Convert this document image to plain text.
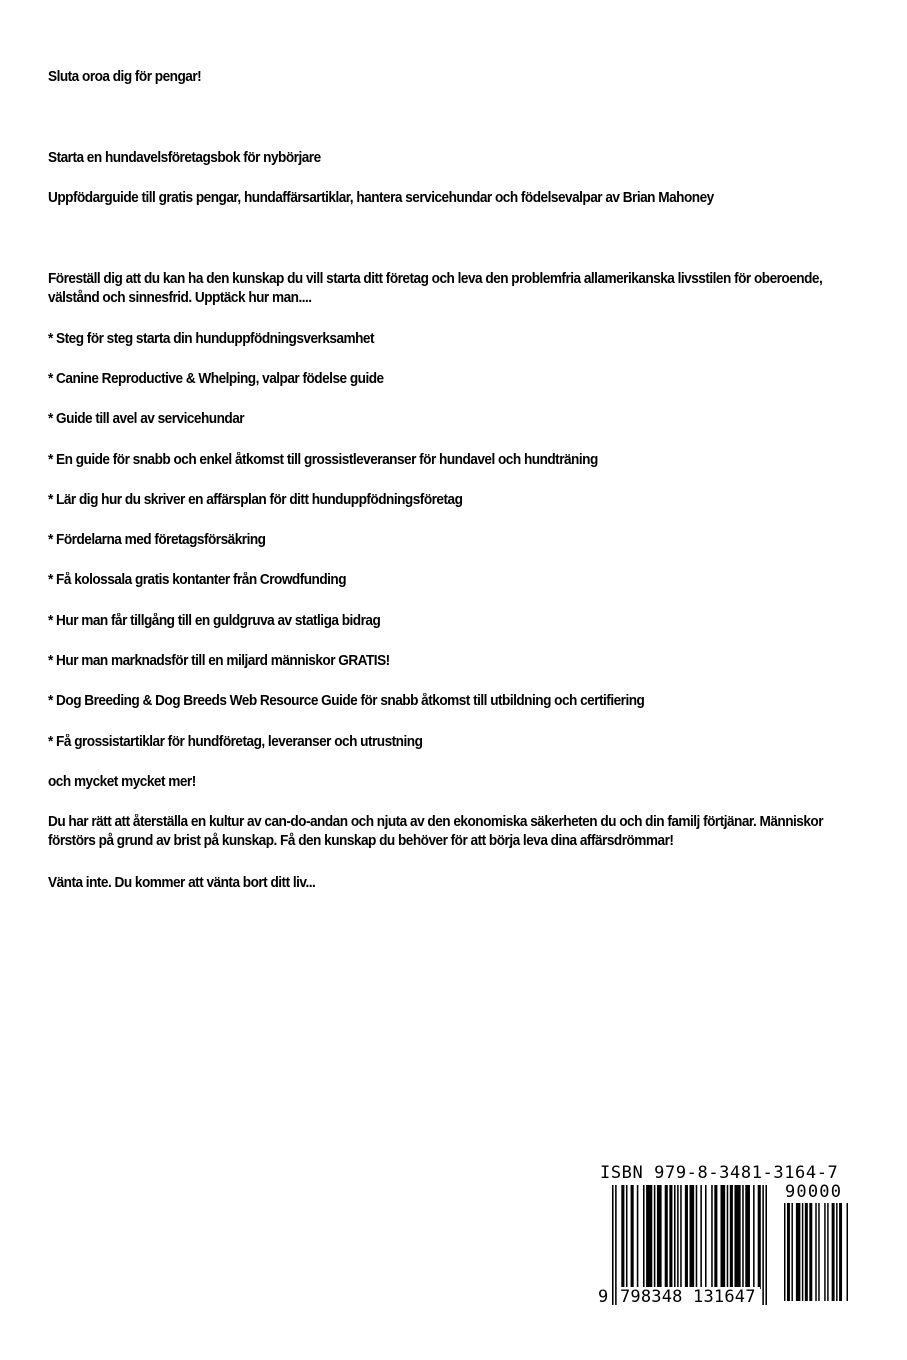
Sluta oroa dig för pengar!
Starta en hundavelsföretagsbok för nybörjare
Uppfödarguide till gratis pengar, hundaffärsartiklar, hantera servicehundar och födelsevalpar av Brian Mahoney
Föreställ dig att du kan ha den kunskap du vill starta ditt företag och leva den problemfria allamerikanska livsstilen för oberoende, välstånd och sinnesfrid. Upptäck hur man....
* Steg för steg starta din hunduppfödningsverksamhet
* Canine Reproductive & Whelping, valpar födelse guide
* Guide till avel av servicehundar
* En guide för snabb och enkel åtkomst till grossistleveranser för hundavel och hundträning
* Lär dig hur du skriver en affärsplan för ditt hunduppfödningsföretag
* Fördelarna med företagsförsäkring
* Få kolossala gratis kontanter från Crowdfunding
* Hur man får tillgång till en guldgruva av statliga bidrag
* Hur man marknadsför till en miljard människor GRATIS!
* Dog Breeding & Dog Breeds Web Resource Guide för snabb åtkomst till utbildning och certifiering
* Få grossistartiklar för hundföretag, leveranser och utrustning
och mycket mycket mer!
Du har rätt att återställa en kultur av can-do-andan och njuta av den ekonomiska säkerheten du och din familj förtjänar. Människor förstörs på grund av brist på kunskap. Få den kunskap du behöver för att börja leva dina affärsdrömmar!
Vänta inte. Du kommer att vänta bort ditt liv...
ISBN 979-8-3481-3164-7
90000
9 798348 131647
